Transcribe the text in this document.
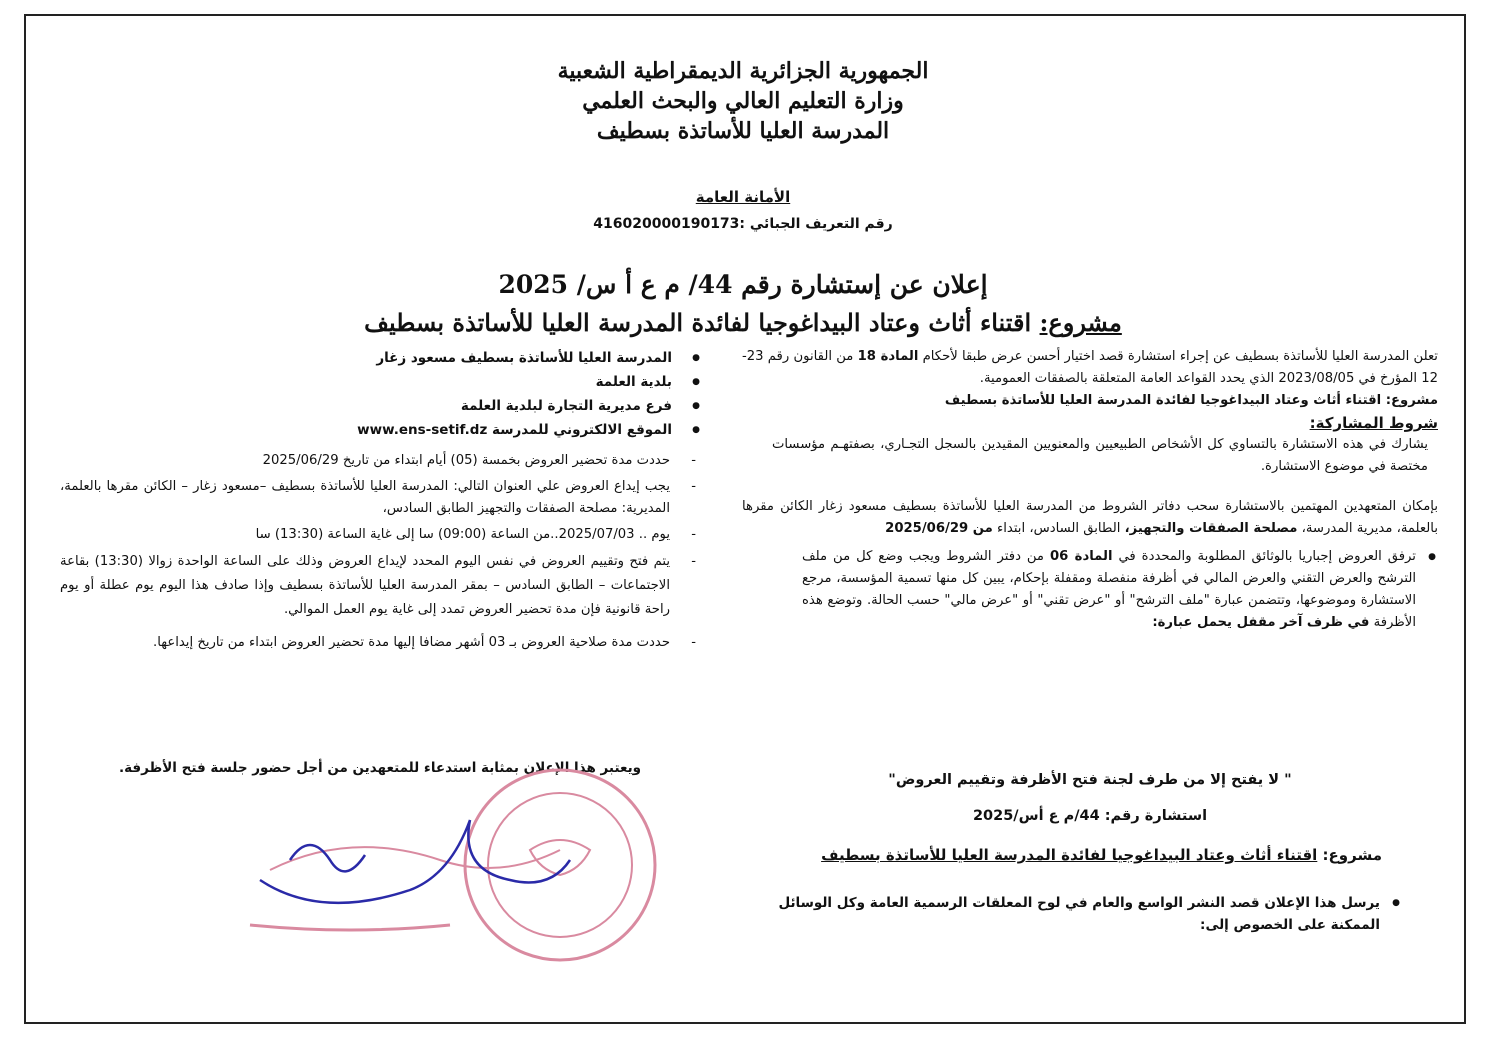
الجمهورية الجزائرية الديمقراطية الشعبية
وزارة التعليم العالي والبحث العلمي
المدرسة العليا للأساتذة بسطيف
الأمانة العامة
رقم التعريف الجبائي :416020000190173
إعلان عن إستشارة رقم 44/ م ع أ س/ 2025
مشروع: اقتناء أثاث وعتاد البيداغوجيا لفائدة المدرسة العليا للأساتذة بسطيف

تعلن المدرسة العليا للأساتذة بسطيف عن إجراء استشارة قصد اختيار أحسن عرض طبقا لأحكام المادة 18 من القانون رقم 23-12 المؤرخ في 2023/08/05 الذي يحدد القواعد العامة المتعلقة بالصفقات العمومية.

مشروع: اقتناء أثاث وعتاد البيداغوجيا لفائدة المدرسة العليا للأساتذة بسطيف

شروط المشاركة:

يشارك في هذه الاستشارة بالتساوي كل الأشخاص الطبيعيين والمعنويين المقيدين بالسجل التجـاري، بصفتهـم مؤسسات مختصة في موضوع الاستشارة.

بإمكان المتعهدين المهتمين بالاستشارة سحب دفاتر الشروط من المدرسة العليا للأساتذة بسطيف مسعود زغار الكائن مقرها بالعلمة، مديرية المدرسة، مصلحة الصفقات والتجهيز، الطابق السادس، ابتداء من 2025/06/29

● ترفق العروض إجباريا بالوثائق المطلوبة والمحددة في المادة 06 من دفتر الشروط ويجب وضع كل من ملف الترشح والعرض التقني والعرض المالي في أظرفة منفصلة ومقفلة بإحكام، يبين كل منها تسمية المؤسسة، مرجع الاستشارة وموضوعها، وتتضمن عبارة "ملف الترشح" أو "عرض تقني" أو "عرض مالي" حسب الحالة. وتوضع هذه الأظرفة في ظرف آخر مقفل يحمل عبارة:

" لا يفتح إلا من طرف لجنة فتح الأظرفة وتقييم العروض"
استشارة رقم: 44/م ع أس/2025
مشروع: اقتناء أثاث وعتاد البيداغوجيا لفائدة المدرسة العليا للأساتذة بسطيف
● يرسل هذا الإعلان قصد النشر الواسع والعام في لوح المعلقات الرسمية العامة وكل الوسائل الممكنة على الخصوص إلى:
● المدرسة العليا للأساتذة بسطيف مسعود زغار
● بلدية العلمة
● فرع مديرية التجارة لبلدية العلمة
● الموقع الالكتروني للمدرسة www.ens-setif.dz
- حددت مدة تحضير العروض بخمسة (05) أيام ابتداء من تاريخ 2025/06/29
- يجب إيداع العروض علي العنوان التالي: المدرسة العليا للأساتذة بسطيف –مسعود زغار – الكائن مقرها بالعلمة، المديرية: مصلحة الصفقات والتجهيز الطابق السادس،
- يوم .. 2025/07/03..من الساعة (09:00) سا إلى غاية الساعة (13:30) سا
- يتم فتح وتقييم العروض في نفس اليوم المحدد لإيداع العروض وذلك على الساعة الواحدة زوالا (13:30) بقاعة الاجتماعات – الطابق السادس – بمقر المدرسة العليا للأساتذة بسطيف وإذا صادف هذا اليوم يوم عطلة أو يوم راحة قانونية فإن مدة تحضير العروض تمدد إلى غاية يوم العمل الموالي.
- حددت مدة صلاحية العروض بـ 03 أشهر مضافا إليها مدة تحضير العروض ابتداء من تاريخ إيداعها.
ويعتبر هذا الإعلان بمثابة استدعاء للمتعهدين من أجل حضور جلسة فتح الأظرفة.
